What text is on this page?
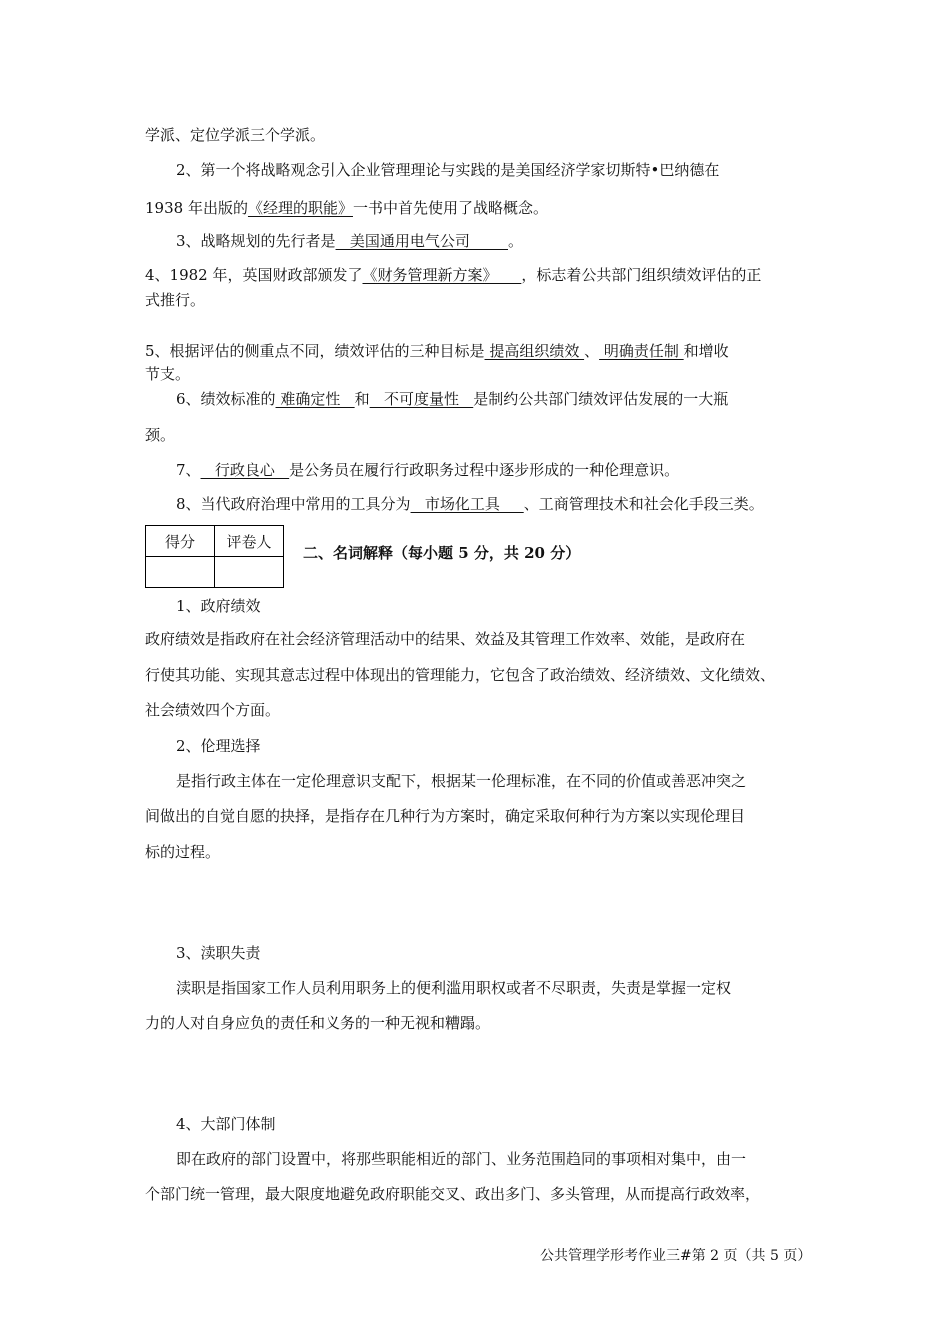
学派、定位学派三个学派。
2、第一个将战略观念引入企业管理理论与实践的是美国经济学家切斯特•巴纳德在
1938 年出版的《经理的职能》一书中首先使用了战略概念。
3、战略规划的先行者是   美国通用电气公司        。
4、1982 年，英国财政部颁发了《财务管理新方案》     ，标志着公共部门组织绩效评估的正
式推行。
5、根据评估的侧重点不同，绩效评估的三种目标是 提高组织绩效 、 明确责任制 和增收
节支。
6、绩效标准的 难确定性   和   不可度量性   是制约公共部门绩效评估发展的一大瓶
颈。
7、   行政良心   是公务员在履行行政职务过程中逐步形成的一种伦理意识。
8、当代政府治理中常用的工具分为   市场化工具     、工商管理技术和社会化手段三类。
得分	评卷人

二、名词解释（每小题 5 分，共 20 分）
1、政府绩效
政府绩效是指政府在社会经济管理活动中的结果、效益及其管理工作效率、效能，是政府在
行使其功能、实现其意志过程中体现出的管理能力，它包含了政治绩效、经济绩效、文化绩效、
社会绩效四个方面。
2、伦理选择
是指行政主体在一定伦理意识支配下，根据某一伦理标准，在不同的价值或善恶冲突之
间做出的自觉自愿的抉择，是指存在几种行为方案时，确定采取何种行为方案以实现伦理目
标的过程。
3、渎职失责
渎职是指国家工作人员利用职务上的便利滥用职权或者不尽职责，失责是掌握一定权
力的人对自身应负的责任和义务的一种无视和糟蹋。
4、大部门体制
即在政府的部门设置中，将那些职能相近的部门、业务范围趋同的事项相对集中，由一
个部门统一管理，最大限度地避免政府职能交叉、政出多门、多头管理，从而提高行政效率，
公共管理学形考作业三#第 2 页（共 5 页）
